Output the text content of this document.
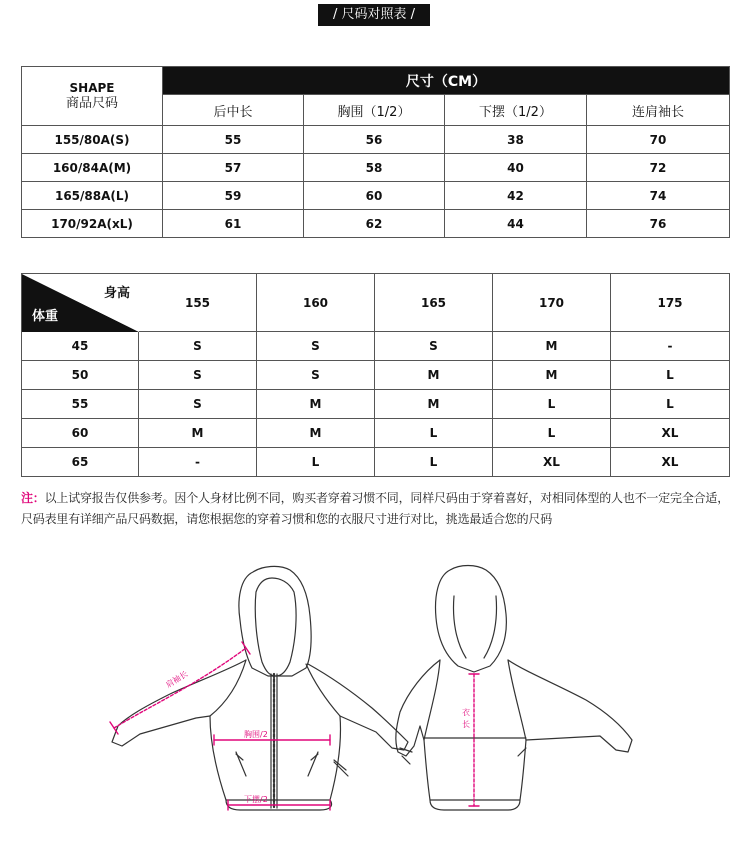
/ 尺码对照表 /
SHAPE
商品尺码	尺寸（CM）			
	后中长	胸围（1/2）	下摆（1/2）	连肩袖长
155/80A(S)	55	56	38	70
160/84A(M)	57	58	40	72
165/88A(L)	59	60	42	74
170/92A(xL)	61	62	44	76
身高
体重	155	160	165	170	175
45	S	S	S	M	-
50	S	S	M	M	L
55	S	M	M	L	L
60	M	M	L	L	XL
65	-	L	L	XL	XL
注：以上试穿报告仅供参考。因个人身材比例不同，购买者穿着习惯不同，同样尺码由于穿着喜好，对相同体型的人也不一定完全合适，尺码表里有详细产品尺码数据，请您根据您的穿着习惯和您的衣服尺寸进行对比，挑选最适合您的尺码
肩袖长
胸围/2
下摆/2
衣
长
